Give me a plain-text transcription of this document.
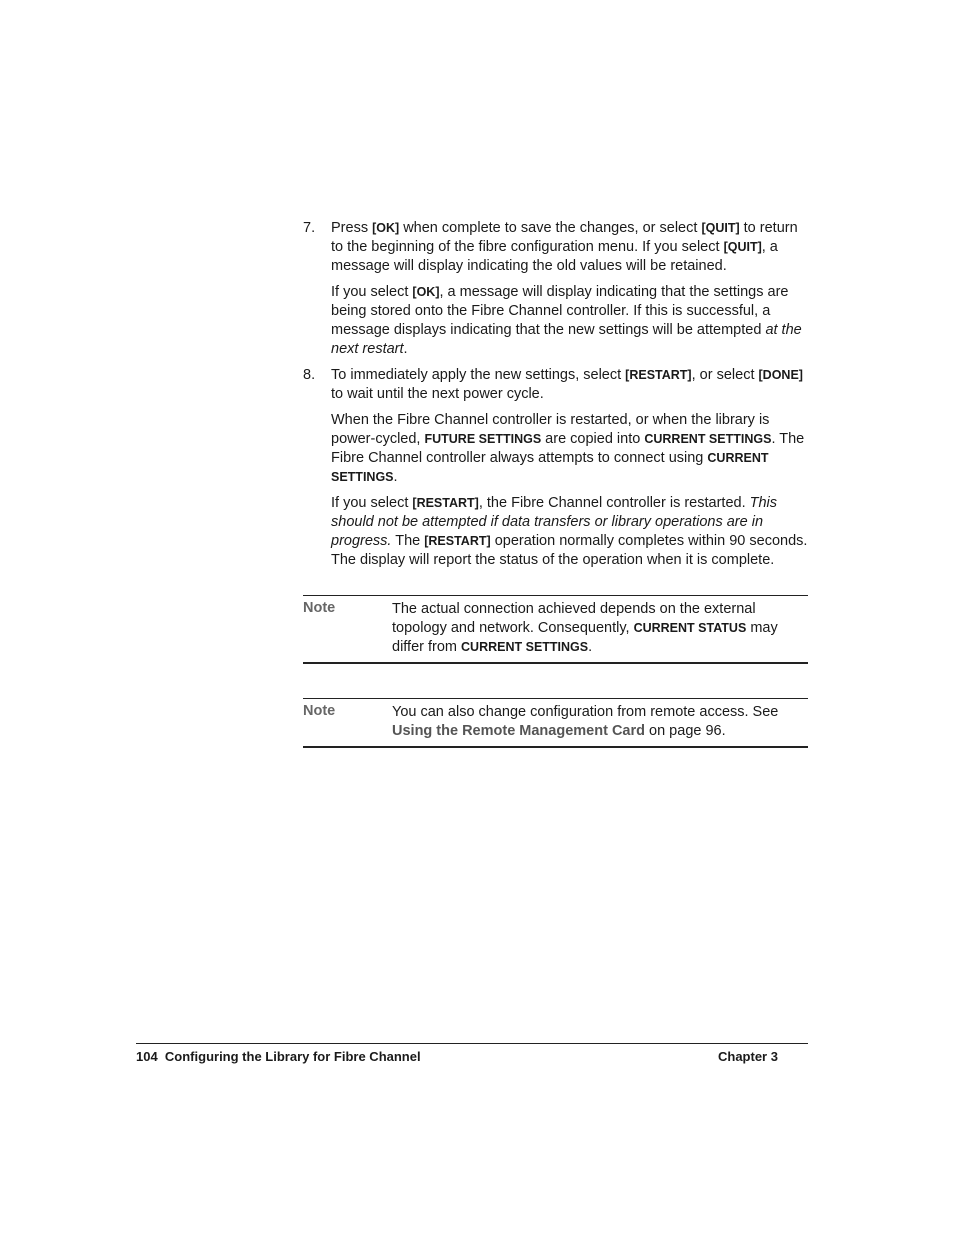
7. Press [OK] when complete to save the changes, or select [QUIT] to return to the beginning of the fibre configuration menu. If you select [QUIT], a message will display indicating the old values will be retained.

If you select [OK], a message will display indicating that the settings are being stored onto the Fibre Channel controller. If this is successful, a message displays indicating that the new settings will be attempted at the next restart.

8. To immediately apply the new settings, select [RESTART], or select [DONE] to wait until the next power cycle.

When the Fibre Channel controller is restarted, or when the library is power-cycled, FUTURE SETTINGS are copied into CURRENT SETTINGS. The Fibre Channel controller always attempts to connect using CURRENT SETTINGS.

If you select [RESTART], the Fibre Channel controller is restarted. This should not be attempted if data transfers or library operations are in progress. The [RESTART] operation normally completes within 90 seconds. The display will report the status of the operation when it is complete.

Note	The actual connection achieved depends on the external topology and network. Consequently, CURRENT STATUS may differ from CURRENT SETTINGS.
Note	You can also change configuration from remote access. See Using the Remote Management Card on page 96.
104  Configuring the Library for Fibre Channel	Chapter 3
